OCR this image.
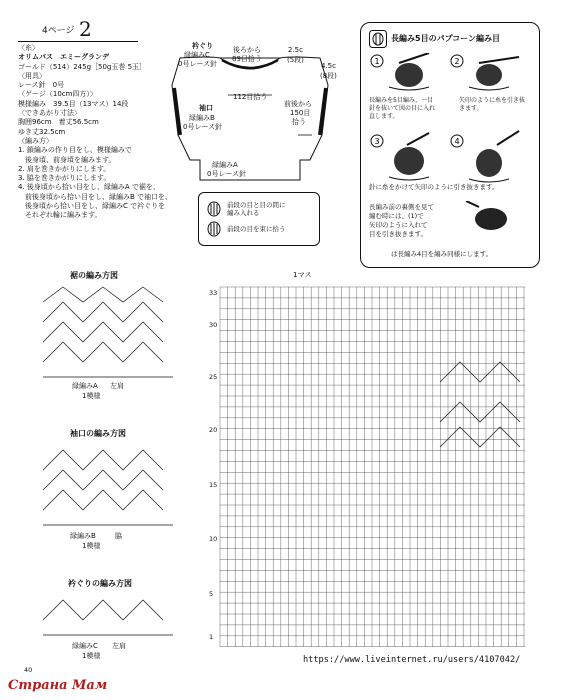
4ページ 2
〈糸〉
オリムパス　エミーグランデ
ゴールド（514）245g［50g玉巻 5玉］
〈用具〉
レース針　0号
〈ゲージ（10cm四方）〉
模様編み　39.5目（13マス）14段
〈できあがり寸法〉
胸囲96cm　着丈56.5cm
ゆき丈32.5cm
〈編み方〉
1. 鎖編みの作り目をし、模様編みで
　後身頃、前身頃を編みます。
2. 肩を巻きかがりにします。
3. 脇を巻きかがりにします。
4. 後身頃から拾い目をし、緑編みA で裾を、
　前後身頃から拾い目をし、縁編みB で袖口を、
　後身頃から拾い目をし、緑編みC で衿ぐりを
　それぞれ輪に編みます。
衿ぐり
緑編みC
0号レース針
後ろから
89目拾う
2.5c
(5段)
4.5c
(8段)
112目拾う
袖口
緑編みB
0号レース針
前後から
150目
拾う
緑編みA
0号レース針
前段の目と目の間に
編み入れる
前段の目を束に拾う
長編み5目のパプコーン編み目
1	2
3	4
長編みを5目編み、一目針を抜いて図の目に入れ直します。
矢印のように糸を引き抜きます。
針に糸をかけて矢印のように引き抜きます。
長編み前の裏側を見て
編む時には、(1)で
矢印のように入れて
目を引き抜きます。
は長編み4目を編み同様にします。
裾の編み方図
緑編みA 左肩
1模様
袖口の編み方図
緑編みB	脇
1模様
衿ぐりの編み方図
緑編みC 左肩
1模様
1マス
33
30
25
20
15
10
5
1
https://www.liveinternet.ru/users/4107042/
Страна Мам
40
